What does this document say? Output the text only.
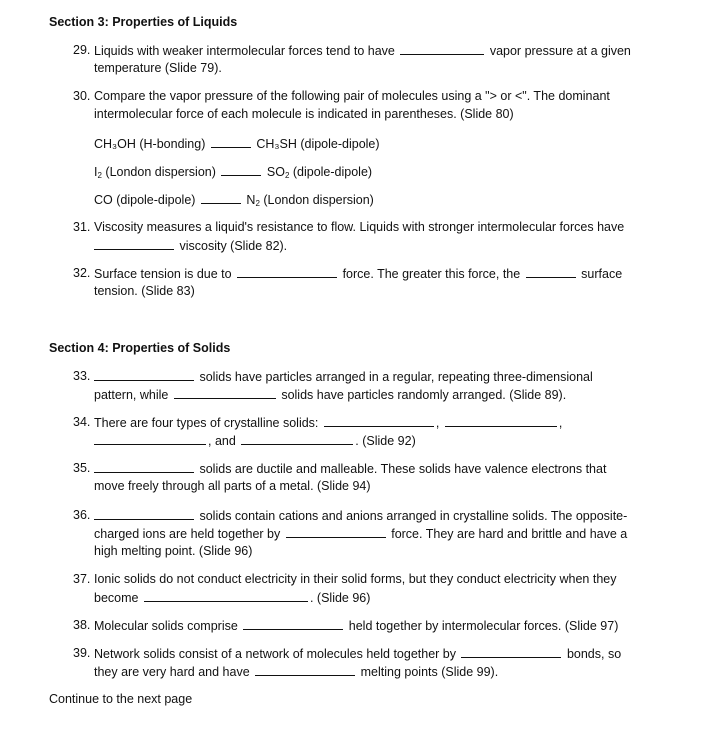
Section 3: Properties of Liquids
29. Liquids with weaker intermolecular forces tend to have	vapor pressure at a given
temperature (Slide 79).
30. Compare the vapor pressure of the following pair of molecules using a "> or <". The dominant
intermolecular force of each molecule is indicated in parentheses. (Slide 80)
CH₃OH (H-bonding)	CH₃SH (dipole-dipole)
$I_2$ (London dispersion)	$SO_2$ (dipole-dipole)
CO (dipole-dipole)	$N_2$ (London dispersion)
31. Viscosity measures a liquid's resistance to flow. Liquids with stronger intermolecular forces have
viscosity (Slide 82).
32. Surface tension is due to	force. The greater this force, the	surface
tension. (Slide 83)
Section 4: Properties of Solids
33.	solids have particles arranged in a regular, repeating three-dimensional
pattern, while	solids have particles randomly arranged. (Slide 89).
34. There are four types of crystalline solids:	,	,
, and	. (Slide 92)
35.	solids are ductile and malleable. These solids have valence electrons that
move freely through all parts of a metal. (Slide 94)
36.	solids contain cations and anions arranged in crystalline solids. The opposite-
charged ions are held together by	force. They are hard and brittle and have a
high melting point. (Slide 96)
37. Ionic solids do not conduct electricity in their solid forms, but they conduct electricity when they
become	. (Slide 96)
38. Molecular solids comprise	held together by intermolecular forces. (Slide 97)
39. Network solids consist of a network of molecules held together by	bonds, so
they are very hard and have	melting points (Slide 99).
Continue to the next page
